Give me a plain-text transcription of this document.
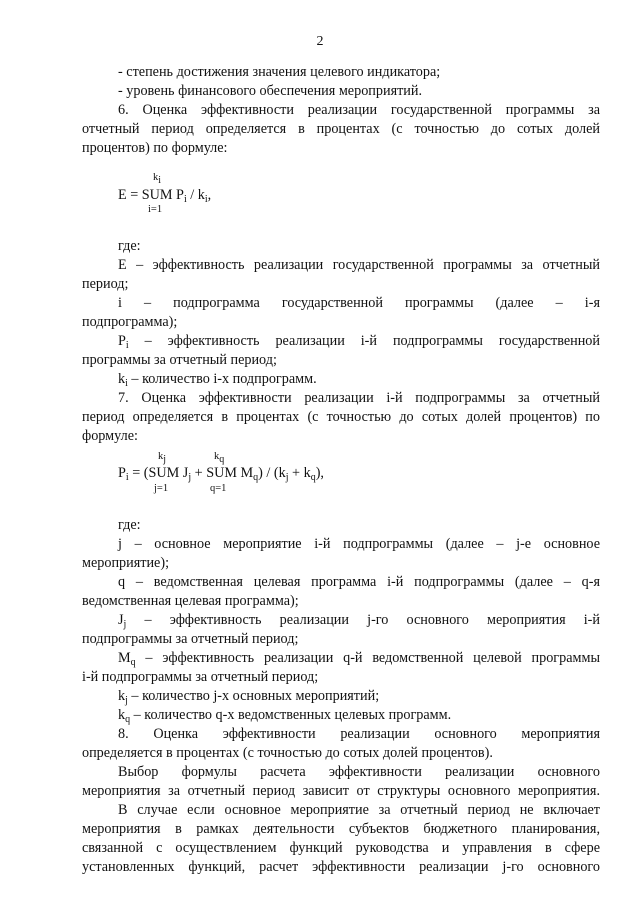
2
- степень достижения значения целевого индикатора;
- уровень финансового обеспечения мероприятий.
6. Оценка эффективности реализации государственной программы за
отчетный период определяется в процентах (с точностью до сотых долей
процентов) по формуле:
$k_i$
E = SUM $P_i / k_i$,
i=1
где:
E – эффективность реализации государственной программы за отчетный
период;
i – подпрограмма государственной программы (далее – i-я
подпрограмма);
$P_i$ – эффективность реализации i-й подпрограммы государственной
программы за отчетный период;
$k_i$ – количество i-х подпрограмм.
7. Оценка эффективности реализации i-й подпрограммы за отчетный
период определяется в процентах (с точностью до сотых долей процентов) по
формуле:
$k_j$	$k_q$
$P_i = (SUM$ $J_j$ + SUM $M_q) / (k_j + k_q)$,
j=1	q=1
где:
j – основное мероприятие i-й подпрограммы (далее – j-е основное
мероприятие);
q – ведомственная целевая программа i-й подпрограммы (далее – q-я
ведомственная целевая программа);
$J_j$ – эффективность реализации j-го основного мероприятия i-й
подпрограммы за отчетный период;
$M_q$ – эффективность реализации q-й ведомственной целевой программы
i-й подпрограммы за отчетный период;
$k_j$ – количество j-х основных мероприятий;
$k_q$ – количество q-х ведомственных целевых программ.
8. Оценка эффективности реализации основного мероприятия
определяется в процентах (с точностью до сотых долей процентов).
Выбор формулы расчета эффективности реализации основного
мероприятия за отчетный период зависит от структуры основного мероприятия.
В случае если основное мероприятие за отчетный период не включает
мероприятия в рамках деятельности субъектов бюджетного планирования,
связанной с осуществлением функций руководства и управления в сфере
установленных функций, расчет эффективности реализации j-го основного
